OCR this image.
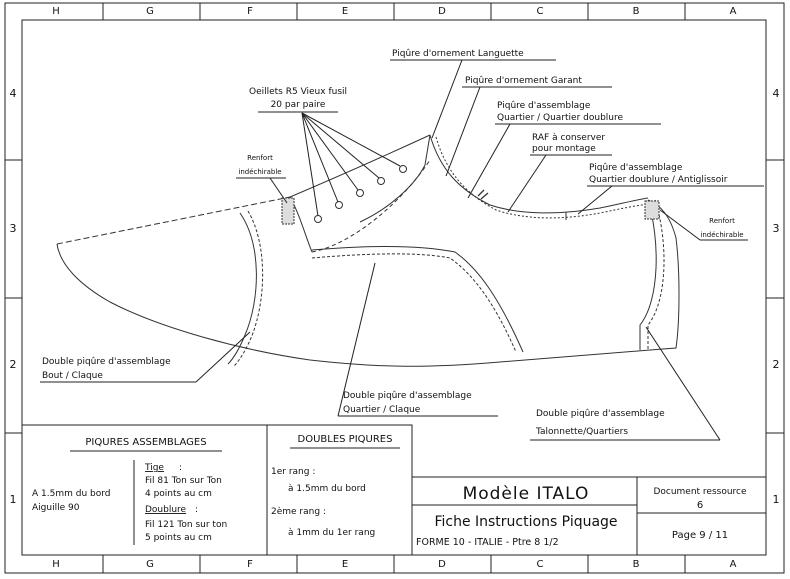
H	G	F	E	D	C	B	A
H	G	F	E	D	C	B	A
4
3
2
1
4
3
2
1
Oeillets R5 Vieux fusil
20 par paire
Piqûre d'ornement Languette
Piqûre d'ornement Garant
Piqûre d'assemblage
Quartier / Quartier doublure
RAF à conserver
pour montage
Piqûre d'assemblage
Quartier doublure / Antiglissoir
Renfort
indéchirable
Renfort
indéchirable
Double piqûre d'assemblage
Bout / Claque
Double piqûre d'assemblage
Quartier / Claque	Double piqûre d'assemblage
Talonnette/Quartiers
PIQURES ASSEMBLAGES
A 1.5mm du bord
Aiguille 90
Tige :
Fil 81 Ton sur Ton
4 points au cm
Doublure :
Fil 121 Ton sur ton
5 points au cm
DOUBLES PIQURES
1er rang :
à 1.5mm du bord
2ème rang :
à 1mm du 1er rang
Modèle ITALO
Fiche Instructions Piquage
FORME 10 - ITALIE - Ptre 8 1/2
Document ressource
6
Page 9 / 11
